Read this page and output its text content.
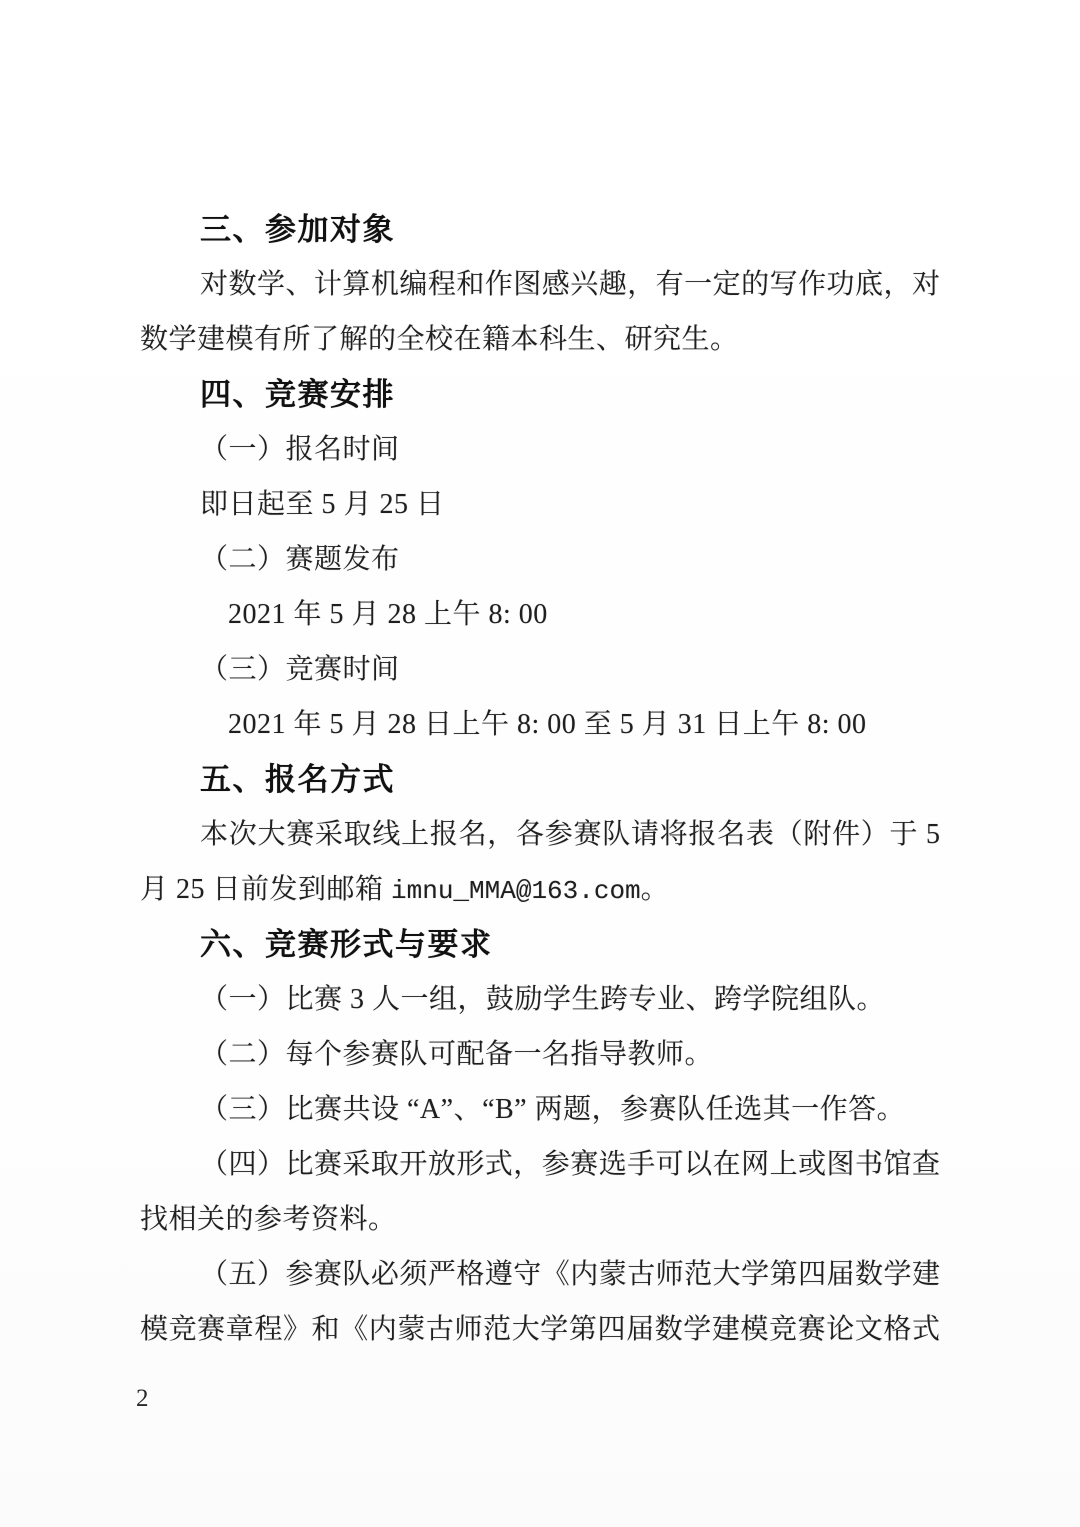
三、参加对象
对数学、计算机编程和作图感兴趣，有一定的写作功底，对
数学建模有所了解的全校在籍本科生、研究生。
四、竞赛安排
（一）报名时间
即日起至 5 月 25 日
（二）赛题发布
2021 年 5 月 28 上午 8: 00
（三）竞赛时间
2021 年 5 月 28 日上午 8: 00 至 5 月 31 日上午 8: 00
五、报名方式
本次大赛采取线上报名，各参赛队请将报名表（附件）于 5
月 25 日前发到邮箱 imnu_MMA@163.com。
六、竞赛形式与要求
（一）比赛 3 人一组，鼓励学生跨专业、跨学院组队。
（二）每个参赛队可配备一名指导教师。
（三）比赛共设 “A”、“B” 两题，参赛队任选其一作答。
（四）比赛采取开放形式，参赛选手可以在网上或图书馆查
找相关的参考资料。
（五）参赛队必须严格遵守《内蒙古师范大学第四届数学建
模竞赛章程》和《内蒙古师范大学第四届数学建模竞赛论文格式
2
